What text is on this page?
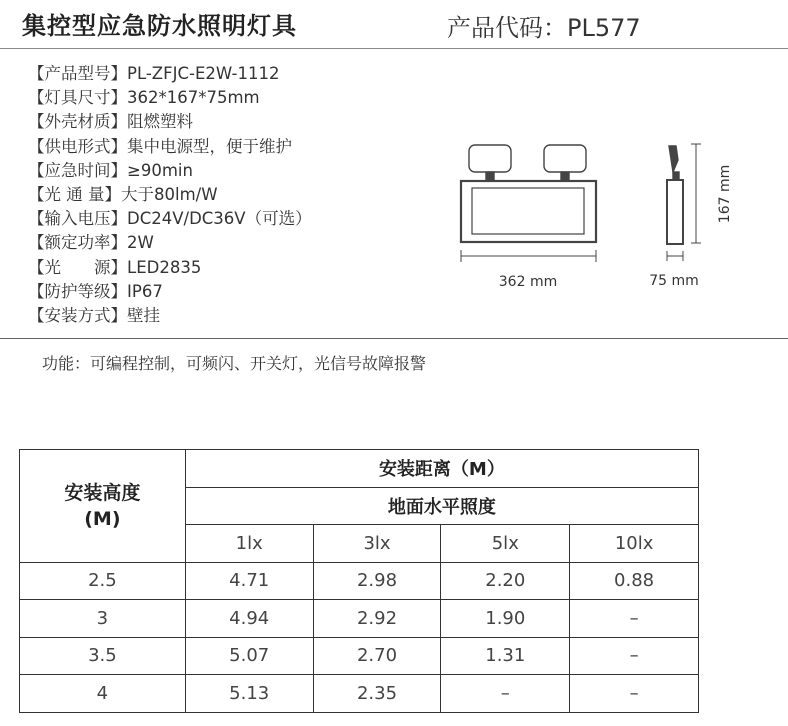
集控型应急防水照明灯具	产品代码：PL577
【产品型号】PL-ZFJC-E2W-1112
【灯具尺寸】362*167*75mm
【外壳材质】阻燃塑料
【供电形式】集中电源型，便于维护
【应急时间】≥90min
【光 通 量】大于80lm/W
【输入电压】DC24V/DC36V（可选）
【额定功率】2W
【光　　源】LED2835
【防护等级】IP67
【安装方式】壁挂
362 mm	75 mm
167 mm
功能：可编程控制，可频闪、开关灯，光信号故障报警
安装高度(M)	安装距离（M）			
	地面水平照度			
	1lx	3lx	5lx	10lx
2.5	4.71	2.98	2.20	0.88
3	4.94	2.92	1.90	–
3.5	5.07	2.70	1.31	–
4	5.13	2.35	–	–
